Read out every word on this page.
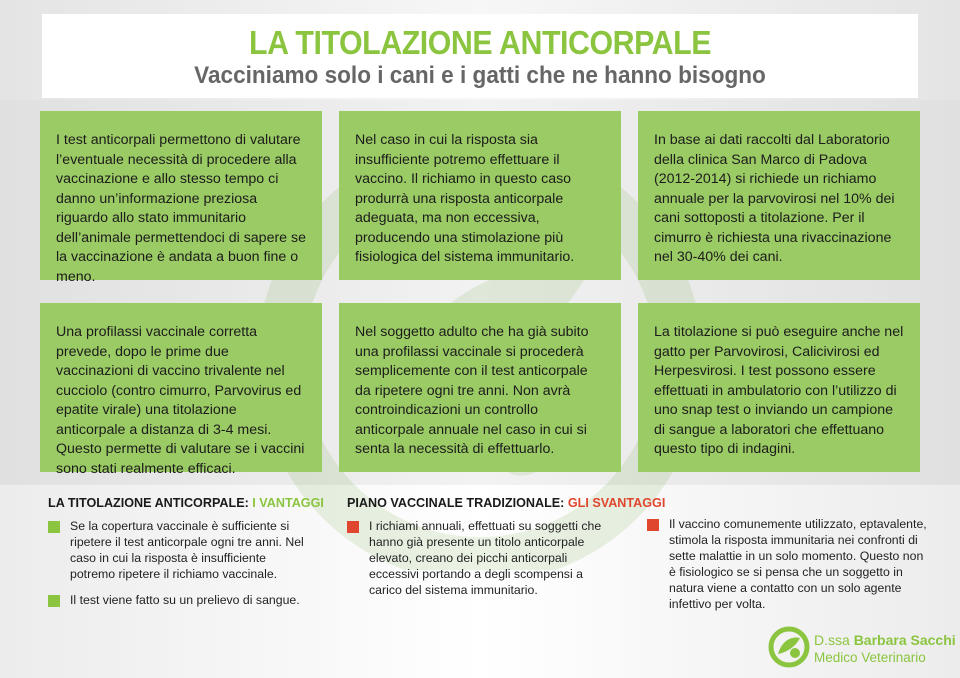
LA TITOLAZIONE ANTICORPALE
Vacciniamo solo i cani e i gatti che ne hanno bisogno
I test anticorpali permettono di valutare l’eventuale necessità di procedere alla vaccinazione e allo stesso tempo ci danno un’informazione preziosa riguardo allo stato immunitario dell’animale permettendoci di sapere se la vaccinazione è andata a buon fine o meno.
Nel caso in cui la risposta sia insufficiente potremo effettuare il vaccino. Il richiamo in questo caso produrrà una risposta anticorpale adeguata, ma non eccessiva, producendo una stimolazione più fisiologica del sistema immunitario.
In base ai dati raccolti dal Laboratorio della clinica San Marco di Padova (2012-2014) si richiede un richiamo annuale per la parvovirosi nel 10% dei cani sottoposti a titolazione. Per il cimurro è richiesta una rivaccinazione nel 30-40% dei cani.
Una profilassi vaccinale corretta prevede, dopo le prime due vaccinazioni di vaccino trivalente nel cucciolo (contro cimurro, Parvovirus ed epatite virale) una titolazione anticorpale a distanza di 3-4 mesi. Questo permette di valutare se i vaccini sono stati realmente efficaci.
Nel soggetto adulto che ha già subito una profilassi vaccinale si procederà semplicemente con il test anticorpale da ripetere ogni tre anni. Non avrà controindicazioni un controllo anticorpale annuale nel caso in cui si senta la necessità di effettuarlo.
La titolazione si può eseguire anche nel gatto per Parvovirosi, Calicivirosi ed Herpesvirosi. I test possono essere effettuati in ambulatorio con l’utilizzo di uno snap test o inviando un campione di sangue a laboratori che effettuano questo tipo di indagini.
LA TITOLAZIONE ANTICORPALE: I VANTAGGI
Se la copertura vaccinale è sufficiente si ripetere il test anticorpale ogni tre anni. Nel caso in cui la risposta è insufficiente potremo ripetere il richiamo vaccinale.
Il test viene fatto su un prelievo di sangue.
PIANO VACCINALE TRADIZIONALE: GLI SVANTAGGI
I richiami annuali, effettuati su soggetti che hanno già presente un titolo anticorpale elevato, creano dei picchi anticorpali eccessivi portando a degli scompensi a carico del sistema immunitario.
Il vaccino comunemente utilizzato, eptavalente, stimola la risposta immunitaria nei confronti di sette malattie in un solo momento. Questo non è fisiologico se si pensa che un soggetto in natura viene a contatto con un solo agente infettivo per volta.
D.ssa Barbara Sacchi
Medico Veterinario
